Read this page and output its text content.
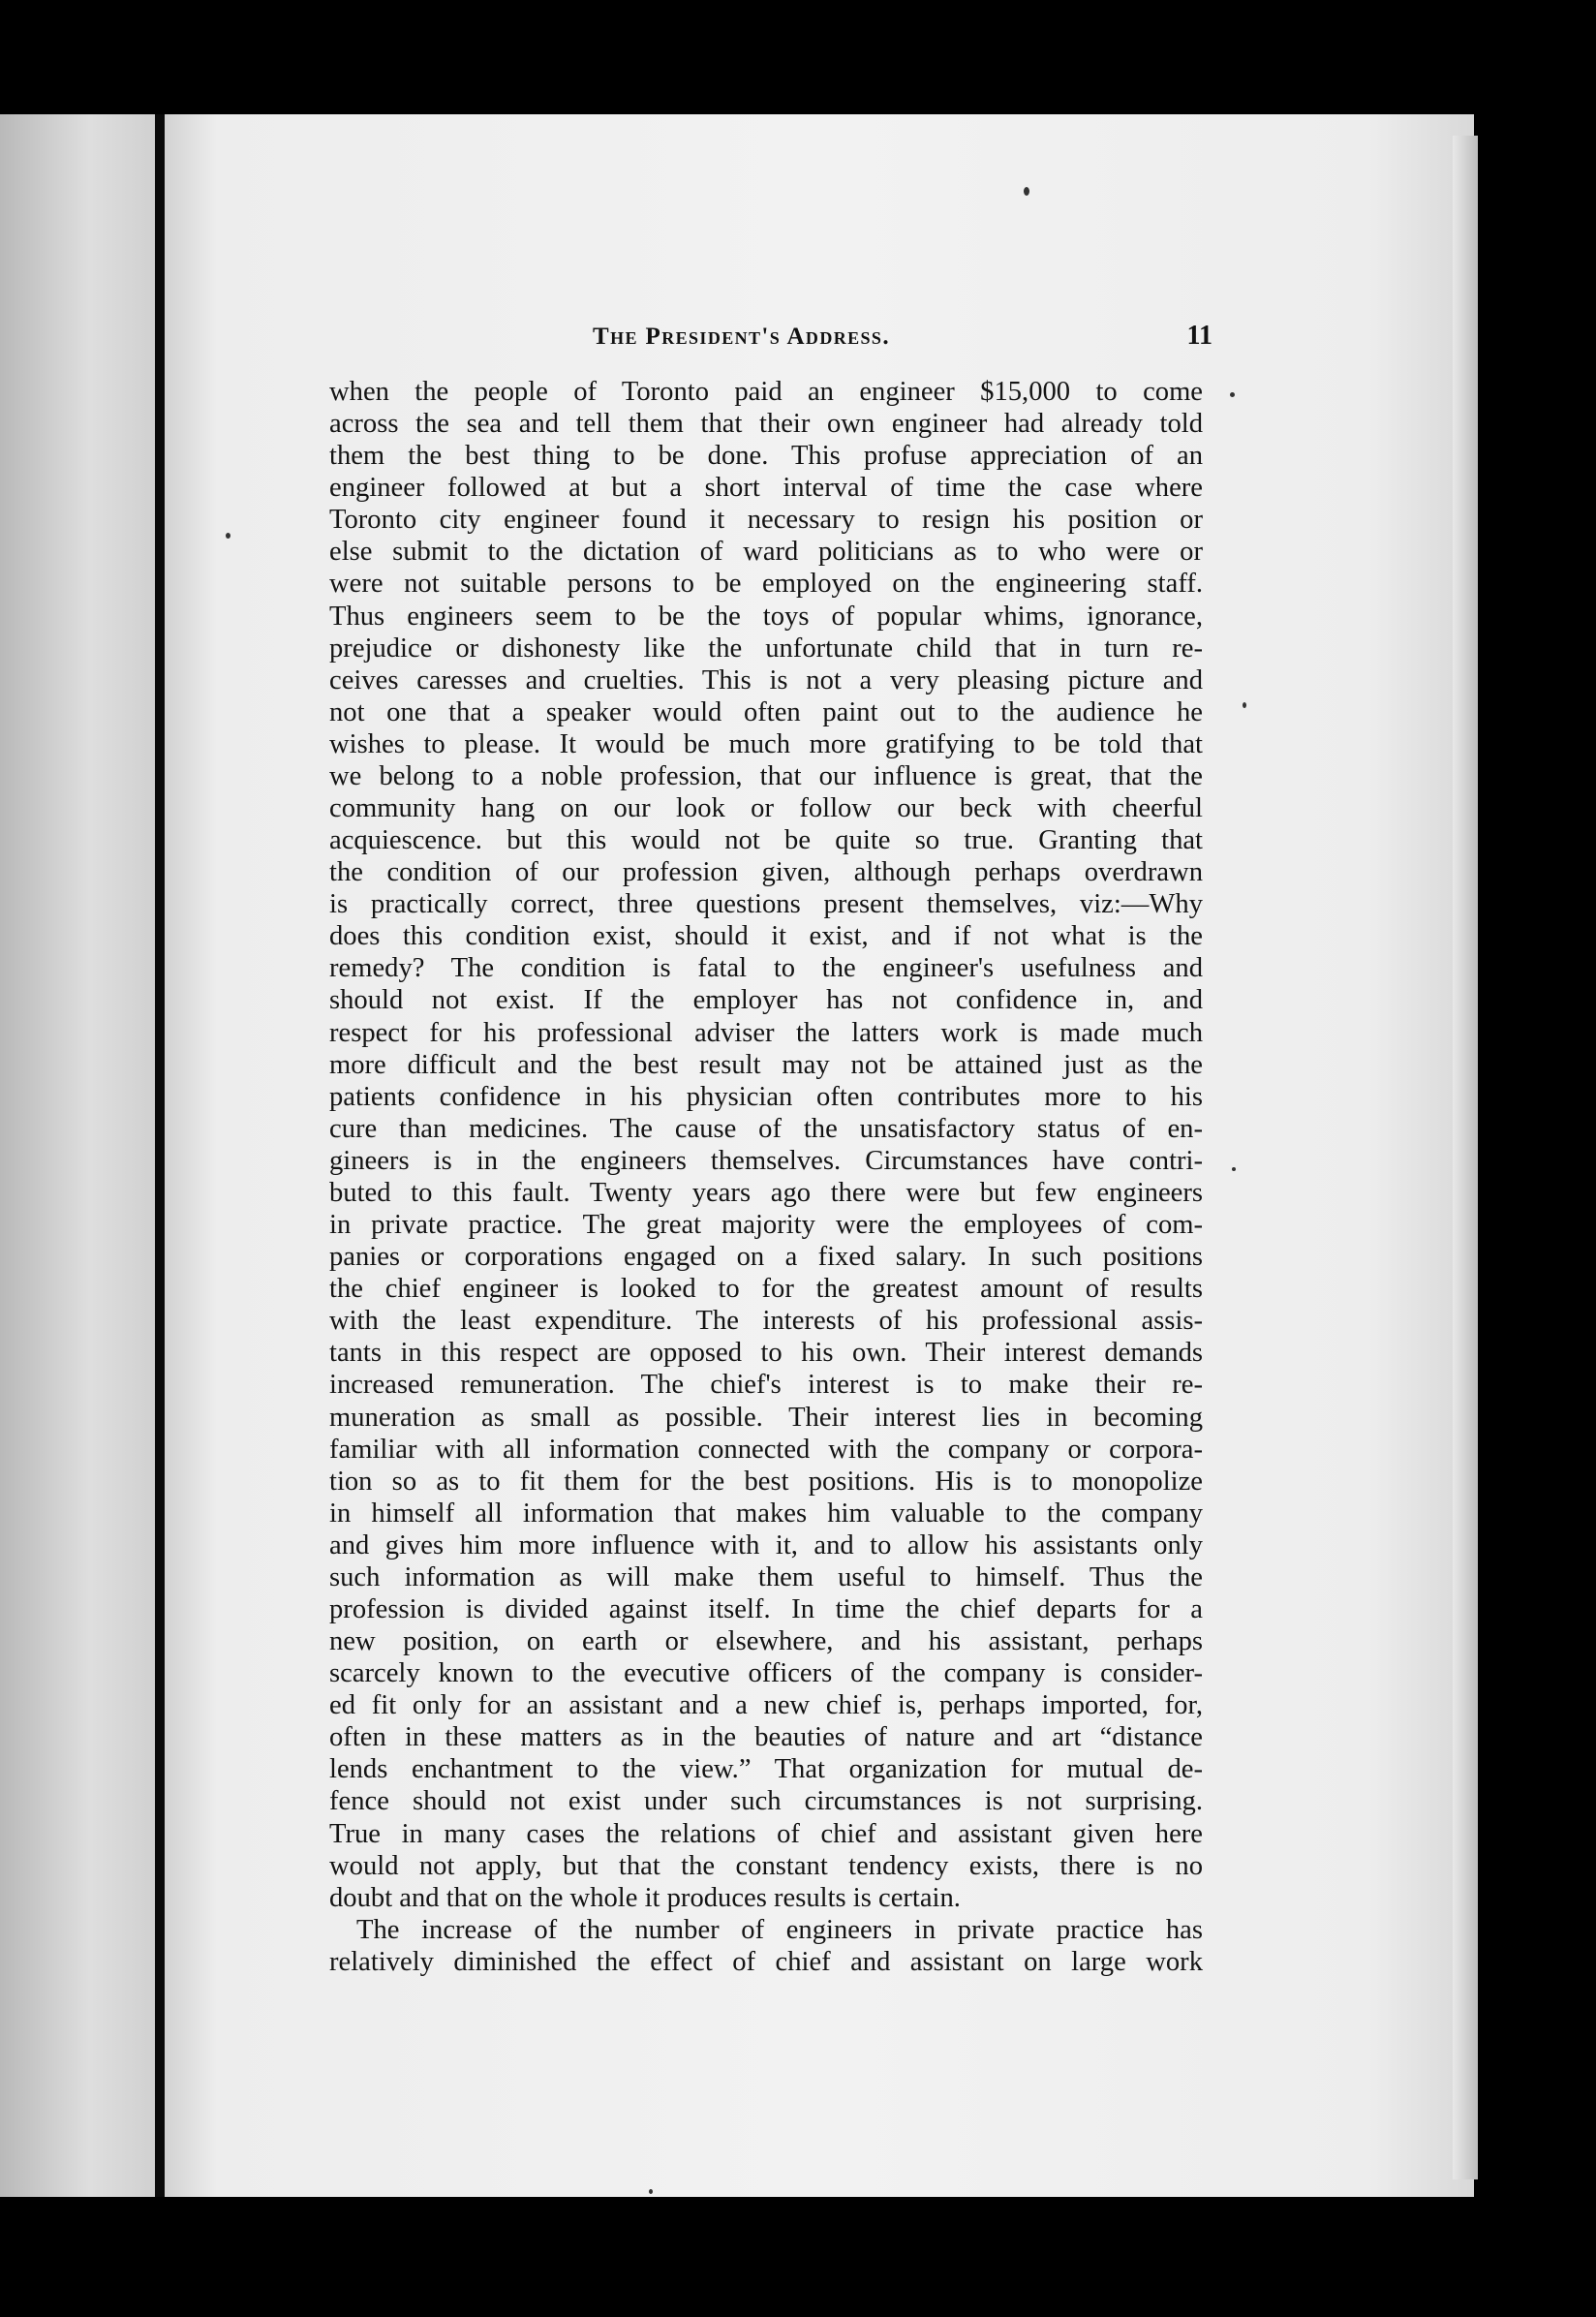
The President's Address.	11
when the people of Toronto paid an engineer $15,000 to come
across the sea and tell them that their own engineer had already told
them the best thing to be done. This profuse appreciation of an
engineer followed at but a short interval of time the case where
Toronto city engineer found it necessary to resign his position or
else submit to the dictation of ward politicians as to who were or
were not suitable persons to be employed on the engineering staff.
Thus engineers seem to be the toys of popular whims, ignorance,
prejudice or dishonesty like the unfortunate child that in turn re-
ceives caresses and cruelties. This is not a very pleasing picture and
not one that a speaker would often paint out to the audience he
wishes to please. It would be much more gratifying to be told that
we belong to a noble profession, that our influence is great, that the
community hang on our look or follow our beck with cheerful
acquiescence. but this would not be quite so true. Granting that
the condition of our profession given, although perhaps overdrawn
is practically correct, three questions present themselves, viz:—Why
does this condition exist, should it exist, and if not what is the
remedy? The condition is fatal to the engineer's usefulness and
should not exist. If the employer has not confidence in, and
respect for his professional adviser the latters work is made much
more difficult and the best result may not be attained just as the
patients confidence in his physician often contributes more to his
cure than medicines. The cause of the unsatisfactory status of en-
gineers is in the engineers themselves. Circumstances have contri-
buted to this fault. Twenty years ago there were but few engineers
in private practice. The great majority were the employees of com-
panies or corporations engaged on a fixed salary. In such positions
the chief engineer is looked to for the greatest amount of results
with the least expenditure. The interests of his professional assis-
tants in this respect are opposed to his own. Their interest demands
increased remuneration. The chief's interest is to make their re-
muneration as small as possible. Their interest lies in becoming
familiar with all information connected with the company or corpora-
tion so as to fit them for the best positions. His is to monopolize
in himself all information that makes him valuable to the company
and gives him more influence with it, and to allow his assistants only
such information as will make them useful to himself. Thus the
profession is divided against itself. In time the chief departs for a
new position, on earth or elsewhere, and his assistant, perhaps
scarcely known to the evecutive officers of the company is consider-
ed fit only for an assistant and a new chief is, perhaps imported, for,
often in these matters as in the beauties of nature and art “distance
lends enchantment to the view.” That organization for mutual de-
fence should not exist under such circumstances is not surprising.
True in many cases the relations of chief and assistant given here
would not apply, but that the constant tendency exists, there is no
doubt and that on the whole it produces results is certain.
The increase of the number of engineers in private practice has
relatively diminished the effect of chief and assistant on large work
